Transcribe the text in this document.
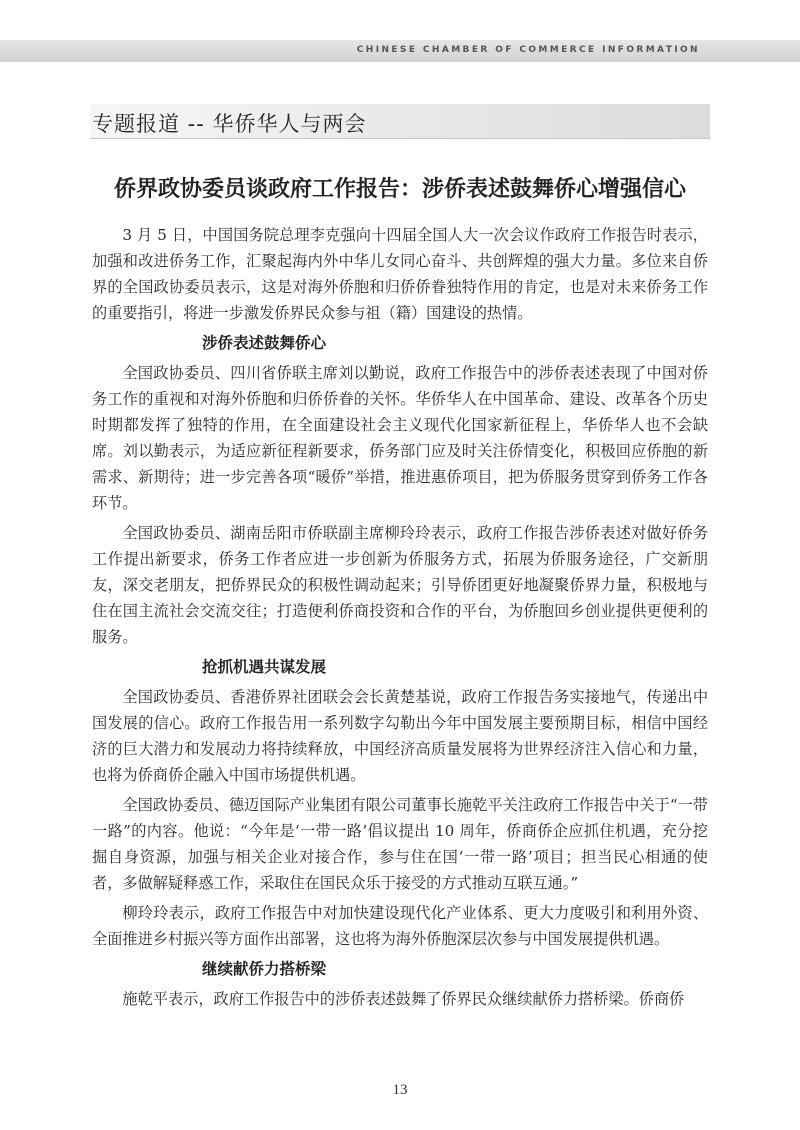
CHINESE CHAMBER OF COMMERCE INFORMATION
专题报道 -- 华侨华人与两会
侨界政协委员谈政府工作报告：涉侨表述鼓舞侨心增强信心

3 月 5 日，中国国务院总理李克强向十四届全国人大一次会议作政府工作报告时表示，加强和改进侨务工作，汇聚起海内外中华儿女同心奋斗、共创辉煌的强大力量。多位来自侨界的全国政协委员表示，这是对海外侨胞和归侨侨眷独特作用的肯定，也是对未来侨务工作的重要指引，将进一步激发侨界民众参与祖（籍）国建设的热情。

涉侨表述鼓舞侨心

全国政协委员、四川省侨联主席刘以勤说，政府工作报告中的涉侨表述表现了中国对侨务工作的重视和对海外侨胞和归侨侨眷的关怀。华侨华人在中国革命、建设、改革各个历史时期都发挥了独特的作用，在全面建设社会主义现代化国家新征程上，华侨华人也不会缺席。刘以勤表示，为适应新征程新要求，侨务部门应及时关注侨情变化，积极回应侨胞的新需求、新期待；进一步完善各项“暖侨”举措，推进惠侨项目，把为侨服务贯穿到侨务工作各环节。

全国政协委员、湖南岳阳市侨联副主席柳玲玲表示，政府工作报告涉侨表述对做好侨务工作提出新要求，侨务工作者应进一步创新为侨服务方式，拓展为侨服务途径，广交新朋友，深交老朋友，把侨界民众的积极性调动起来；引导侨团更好地凝聚侨界力量，积极地与住在国主流社会交流交往；打造便利侨商投资和合作的平台，为侨胞回乡创业提供更便利的服务。

抢抓机遇共谋发展

全国政协委员、香港侨界社团联会会长黄楚基说，政府工作报告务实接地气，传递出中国发展的信心。政府工作报告用一系列数字勾勒出今年中国发展主要预期目标，相信中国经济的巨大潜力和发展动力将持续释放，中国经济高质量发展将为世界经济注入信心和力量，也将为侨商侨企融入中国市场提供机遇。

全国政协委员、德迈国际产业集团有限公司董事长施乾平关注政府工作报告中关于“一带一路”的内容。他说：“今年是‘一带一路’倡议提出 10 周年，侨商侨企应抓住机遇，充分挖掘自身资源，加强与相关企业对接合作，参与住在国‘一带一路’项目；担当民心相通的使者，多做解疑释惑工作，采取住在国民众乐于接受的方式推动互联互通。”

柳玲玲表示，政府工作报告中对加快建设现代化产业体系、更大力度吸引和利用外资、全面推进乡村振兴等方面作出部署，这也将为海外侨胞深层次参与中国发展提供机遇。

继续献侨力搭桥梁

施乾平表示，政府工作报告中的涉侨表述鼓舞了侨界民众继续献侨力搭桥梁。侨商侨

13
